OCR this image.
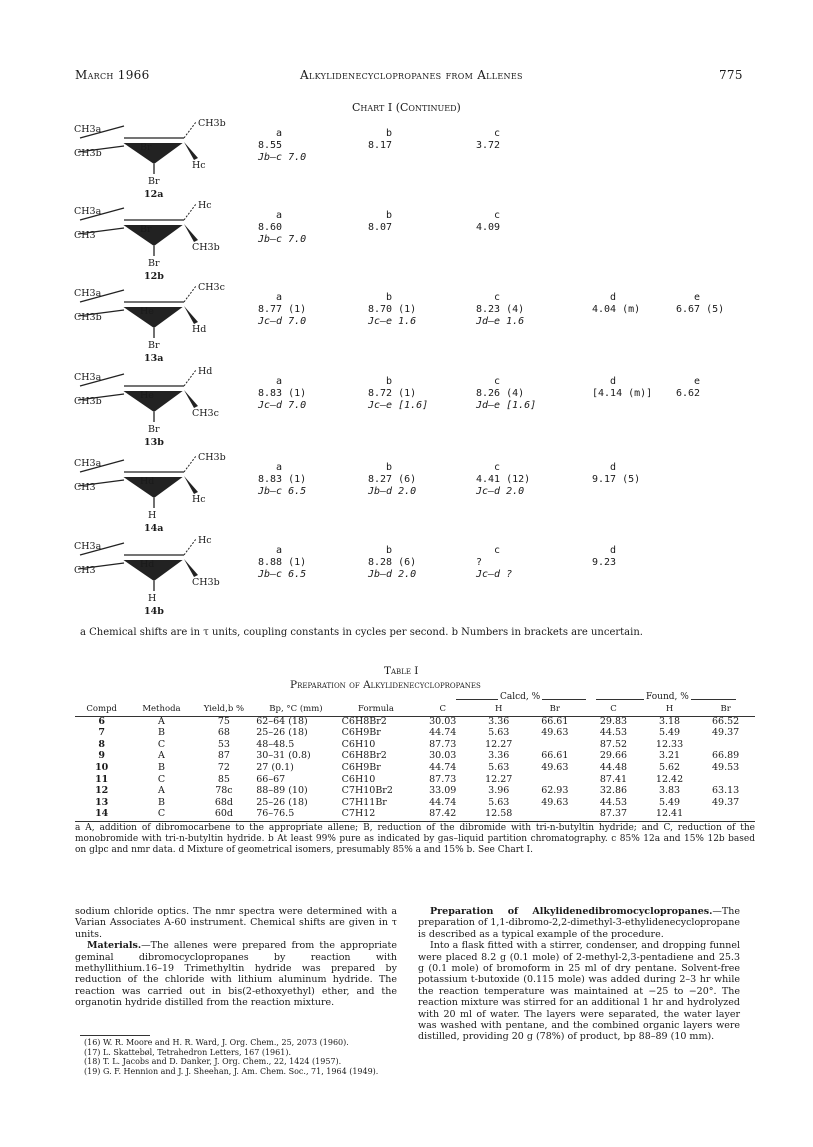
March 1966	Alkylidenecyclopropanes from Allenes	775
Chart I (Continued)
CH3a
CH3b
CH3b
Hc
Br
Br
12a
a
8.55
Jb–c 7.0
b
8.17
c
3.72
CH3a
CH3
Hc
CH3b
Br
Br
12b
a
8.60
Jb–c 7.0
b
8.07
c
4.09
CH3a
CH3b
CH3c
Hd
He
Br
13a
a
8.77 (1)
Jc–d 7.0
b
8.70 (1)
Jc–e 1.6
c
8.23 (4)
Jd–e 1.6
d
4.04 (m)
e
6.67 (5)
CH3a
CH3b
Hd
CH3c
He
Br
13b
a
8.83 (1)
Jc–d 7.0
b
8.72 (1)
Jc–e [1.6]
c
8.26 (4)
Jd–e [1.6]
d
[4.14 (m)]
e
6.62
CH3a
CH3
CH3b
Hc
Hd
H
14a
a
8.83 (1)
Jb–c 6.5
b
8.27 (6)
Jb–d 2.0
c
4.41 (12)
Jc–d 2.0
d
9.17 (5)
CH3a
CH3
Hc
CH3b
Hd
H
14b
a
8.88 (1)
Jb–c 6.5
b
8.28 (6)
Jb–d 2.0
c
?
Jc–d ?
d
9.23
a Chemical shifts are in τ units, coupling constants in cycles per second. b Numbers in brackets are uncertain.
Table I
Preparation of Alkylidenecyclopropanes
Calcd, %	Found, %
Compd	Methoda	Yield,b %	Bp, °C (mm)	Formula	C	H	Br	C	H	Br
6	A	75	62–64 (18)	C6H8Br2	30.03	3.36	66.61	29.83	3.18	66.52
7	B	68	25–26 (18)	C6H9Br	44.74	5.63	49.63	44.53	5.49	49.37
8	C	53	48–48.5	C6H10	87.73	12.27		87.52	12.33	
9	A	87	30–31 (0.8)	C6H8Br2	30.03	3.36	66.61	29.66	3.21	66.89
10	B	72	27 (0.1)	C6H9Br	44.74	5.63	49.63	44.48	5.62	49.53
11	C	85	66–67	C6H10	87.73	12.27		87.41	12.42	
12	A	78c	88–89 (10)	C7H10Br2	33.09	3.96	62.93	32.86	3.83	63.13
13	B	68d	25–26 (18)	C7H11Br	44.74	5.63	49.63	44.53	5.49	49.37
14	C	60d	76–76.5	C7H12	87.42	12.58		87.37	12.41	
a A, addition of dibromocarbene to the appropriate allene; B, reduction of the dibromide with tri-n-butyltin hydride; and C, reduction of the monobromide with tri-n-butyltin hydride. b At least 99% pure as indicated by gas–liquid partition chromatography. c 85% 12a and 15% 12b based on glpc and nmr data. d Mixture of geometrical isomers, presumably 85% a and 15% b. See Chart I.

sodium chloride optics. The nmr spectra were determined with a Varian Associates A-60 instrument. Chemical shifts are given in τ units.

Materials.—The allenes were prepared from the appropriate geminal dibromocyclopropanes by reaction with methyllithium.16–19 Trimethyltin hydride was prepared by reduction of the chloride with lithium aluminum hydride. The reaction was carried out in bis(2-ethoxyethyl) ether, and the organotin hydride distilled from the reaction mixture.

(16) W. R. Moore and H. R. Ward, J. Org. Chem., 25, 2073 (1960).
(17) L. Skattebøl, Tetrahedron Letters, 167 (1961).
(18) T. L. Jacobs and D. Danker, J. Org. Chem., 22, 1424 (1957).
(19) G. F. Hennion and J. J. Sheehan, J. Am. Chem. Soc., 71, 1964 (1949).

Preparation of Alkylidenedibromocyclopropanes.—The preparation of 1,1-dibromo-2,2-dimethyl-3-ethylidenecyclopropane is described as a typical example of the procedure.

Into a flask fitted with a stirrer, condenser, and dropping funnel were placed 8.2 g (0.1 mole) of 2-methyl-2,3-pentadiene and 25.3 g (0.1 mole) of bromoform in 25 ml of dry pentane. Solvent-free potassium t-butoxide (0.115 mole) was added during 2–3 hr while the reaction temperature was maintained at −25 to −20°. The reaction mixture was stirred for an additional 1 hr and hydrolyzed with 20 ml of water. The layers were separated, the water layer was washed with pentane, and the combined organic layers were distilled, providing 20 g (78%) of product, bp 88–89 (10 mm).
